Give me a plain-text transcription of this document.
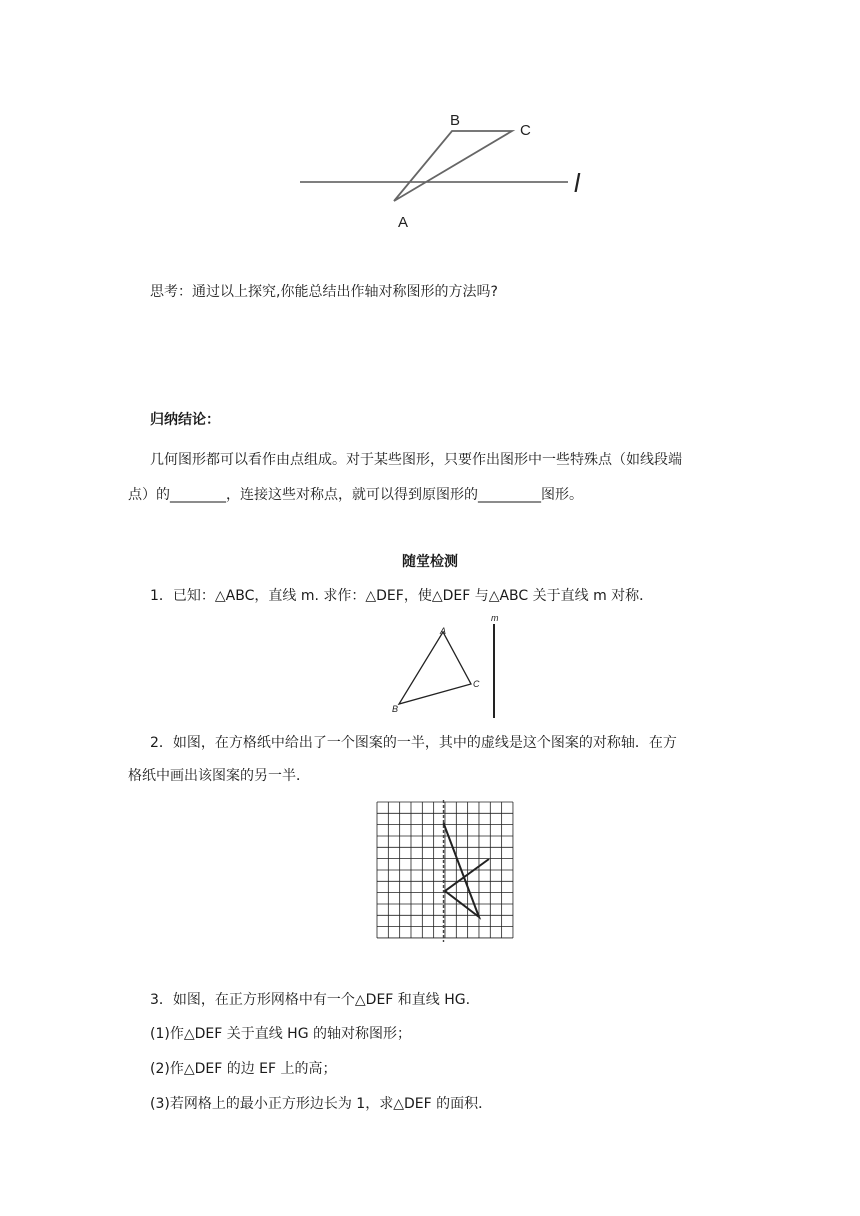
B
C
A
l
思考：通过以上探究,你能总结出作轴对称图形的方法吗?
归纳结论：
几何图形都可以看作由点组成。对于某些图形，只要作出图形中一些特殊点（如线段端
点）的________，连接这些对称点，就可以得到原图形的_________图形。
随堂检测
1．已知：△ABC，直线 m. 求作：△DEF，使△DEF 与△ABC 关于直线 m 对称．
A
B
C
m
2．如图，在方格纸中给出了一个图案的一半，其中的虚线是这个图案的对称轴．在方
格纸中画出该图案的另一半．
3．如图，在正方形网格中有一个△DEF 和直线 HG.
(1)作△DEF 关于直线 HG 的轴对称图形；
(2)作△DEF 的边 EF 上的高；
(3)若网格上的最小正方形边长为 1，求△DEF 的面积．
